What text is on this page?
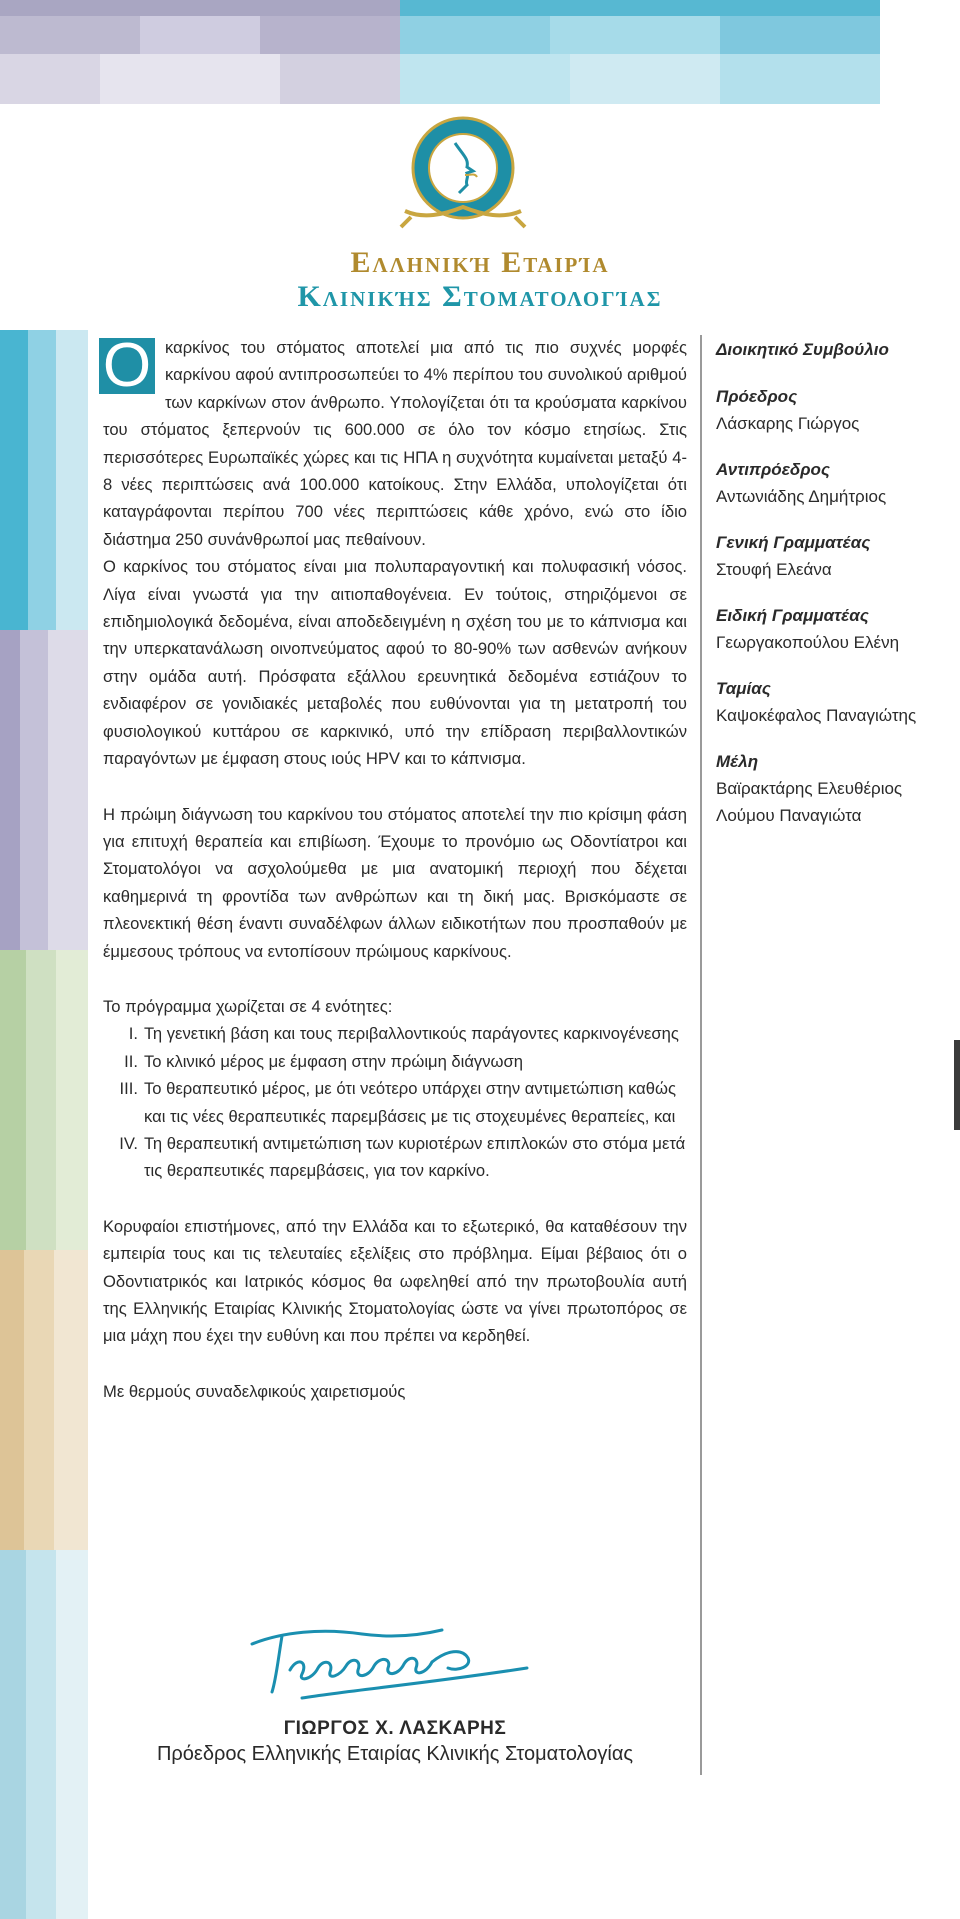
Ελληνική Εταιρία
Κλινικής Στοματολογίας

Ο καρκίνος του στόματος αποτελεί μια από τις πιο συχνές μορφές καρκίνου αφού αντιπροσωπεύει το 4% περίπου του συνολικού αριθμού των καρκίνων στον άνθρωπο. Υπολογίζεται ότι τα κρούσματα καρκίνου του στόματος ξεπερνούν τις 600.000 σε όλο τον κόσμο ετησίως. Στις περισσότερες Ευρωπαϊκές χώρες και τις ΗΠΑ η συχνότητα κυμαίνεται μεταξύ 4-8 νέες περιπτώσεις ανά 100.000 κατοίκους. Στην Ελλάδα, υπολογίζεται ότι καταγράφονται περίπου 700 νέες περιπτώσεις κάθε χρόνο, ενώ στο ίδιο διάστημα 250 συνάνθρωποί μας πεθαίνουν.

Ο καρκίνος του στόματος είναι μια πολυπαραγοντική και πολυφασική νόσος. Λίγα είναι γνωστά για την αιτιοπαθογένεια. Εν τούτοις, στηριζόμενοι σε επιδημιολογικά δεδομένα, είναι αποδεδειγμένη η σχέση του με το κάπνισμα και την υπερκατανάλωση οινοπνεύματος αφού το 80-90% των ασθενών ανήκουν στην ομάδα αυτή. Πρόσφατα εξάλλου ερευνητικά δεδομένα εστιάζουν το ενδιαφέρον σε γονιδιακές μεταβολές που ευθύνονται για τη μετατροπή του φυσιολογικού κυττάρου σε καρκινικό, υπό την επίδραση περιβαλλοντικών παραγόντων με έμφαση στους ιούς HPV και το κάπνισμα.

Η πρώιμη διάγνωση του καρκίνου του στόματος αποτελεί την πιο κρίσιμη φάση για επιτυχή θεραπεία και επιβίωση. Έχουμε το προνόμιο ως Οδοντίατροι και Στοματολόγοι να ασχολούμεθα με μια ανατομική περιοχή που δέχεται καθημερινά τη φροντίδα των ανθρώπων και τη δική μας. Βρισκόμαστε σε πλεονεκτική θέση έναντι συναδέλφων άλλων ειδικοτήτων που προσπαθούν με έμμεσους τρόπους να εντοπίσουν πρώιμους καρκίνους.

Το πρόγραμμα χωρίζεται σε 4 ενότητες:

I. Τη γενετική βάση και τους περιβαλλοντικούς παράγοντες καρκινογένεσης
II. Το κλινικό μέρος με έμφαση στην πρώιμη διάγνωση
III. Το θεραπευτικό μέρος, με ότι νεότερο υπάρχει στην αντιμετώπιση καθώς και τις νέες θεραπευτικές παρεμβάσεις με τις στοχευμένες θεραπείες, και
IV. Τη θεραπευτική αντιμετώπιση των κυριοτέρων επιπλοκών στο στόμα μετά τις θεραπευτικές παρεμβάσεις, για τον καρκίνο.

Κορυφαίοι επιστήμονες, από την Ελλάδα και το εξωτερικό, θα καταθέσουν την εμπειρία τους και τις τελευταίες εξελίξεις στο πρόβλημα. Είμαι βέβαιος ότι ο Οδοντιατρικός και Ιατρικός κόσμος θα ωφεληθεί από την πρωτοβουλία αυτή της Ελληνικής Εταιρίας Κλινικής Στοματολογίας ώστε να γίνει πρωτοπόρος σε μια μάχη που έχει την ευθύνη και που πρέπει να κερδηθεί.

Με θερμούς συναδελφικούς χαιρετισμούς

ΓΙΩΡΓΟΣ Χ. ΛΑΣΚΑΡΗΣ
Πρόεδρος Ελληνικής Εταιρίας Κλινικής Στοματολογίας
Διοικητικό Συμβούλιο
Πρόεδρος
Λάσκαρης Γιώργος
Αντιπρόεδρος
Αντωνιάδης Δημήτριος
Γενική Γραμματέας
Στουφή Ελεάνα
Ειδική Γραμματέας
Γεωργακοπούλου Ελένη
Ταμίας
Καψοκέφαλος Παναγιώτης
Μέλη
Βαϊρακτάρης Ελευθέριος
Λούμου Παναγιώτα
